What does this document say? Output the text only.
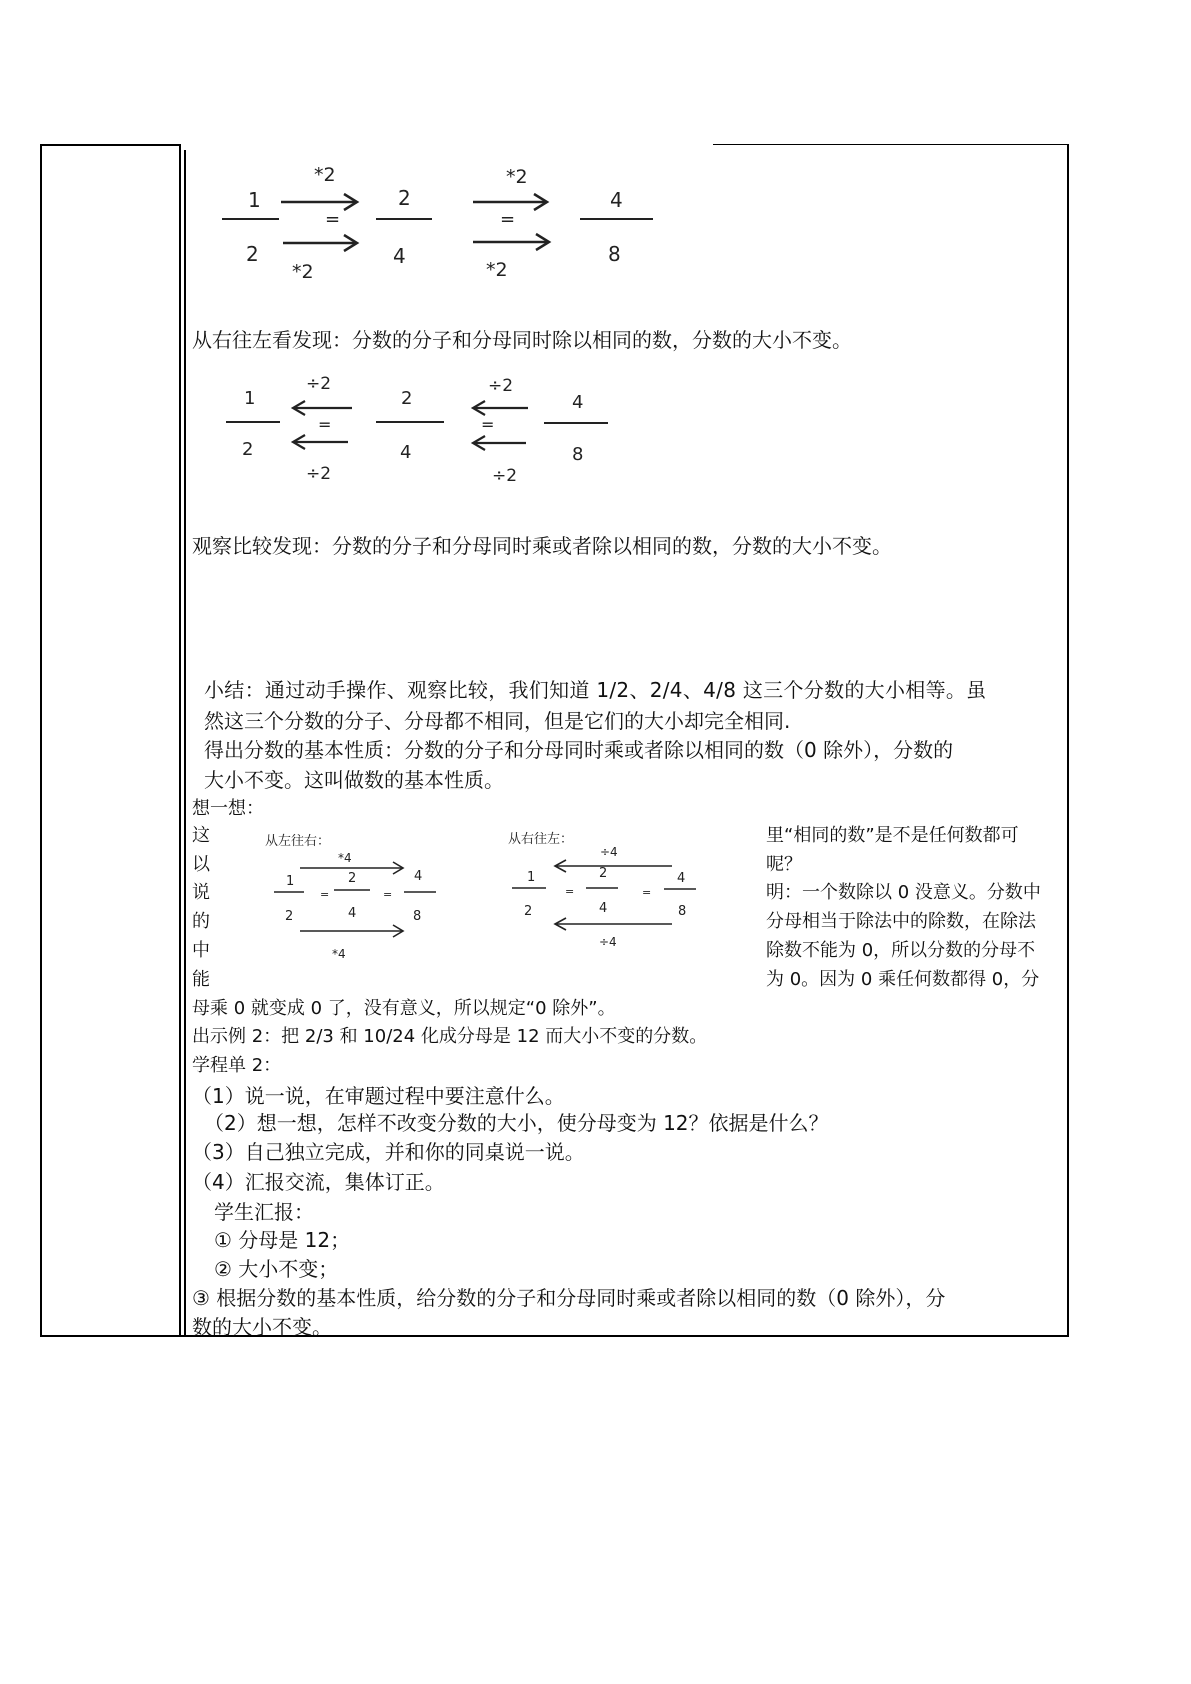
*2	*2
*2	*2
=	=
1
2
2
4
4
8
从右往左看发现：分数的分子和分母同时除以相同的数，分数的大小不变。
÷2	÷2
÷2	÷2
=	=
1
2
2
4
4
8
观察比较发现：分数的分子和分母同时乘或者除以相同的数，分数的大小不变。
小结：通过动手操作、观察比较，我们知道 1/2、2/4、4/8 这三个分数的大小相等。虽
然这三个分数的分子、分母都不相同，但是它们的大小却完全相同.
得出分数的基本性质：分数的分子和分母同时乘或者除以相同的数（0 除外），分数的
大小不变。这叫做数的基本性质。
想一想：
这
以
说
的
中
能
从左往右：
*4
1
2
=
2
4
=
4
8
*4
从右往左：
÷4
1
2
=
2
4
=
4
8
÷4
里“相同的数”是不是任何数都可
呢？
明：一个数除以 0 没意义。分数中
分母相当于除法中的除数，在除法
除数不能为 0，所以分数的分母不
为 0。因为 0 乘任何数都得 0，分
母乘 0 就变成 0 了，没有意义，所以规定“0 除外”。
出示例 2：把 2/3 和 10/24 化成分母是 12 而大小不变的分数。
学程单 2：
（1）说一说，在审题过程中要注意什么。
（2）想一想，怎样不改变分数的大小，使分母变为 12？依据是什么？
（3）自己独立完成，并和你的同桌说一说。
（4）汇报交流，集体订正。
学生汇报：
① 分母是 12；
② 大小不变；
③ 根据分数的基本性质，给分数的分子和分母同时乘或者除以相同的数（0 除外），分
数的大小不变。
